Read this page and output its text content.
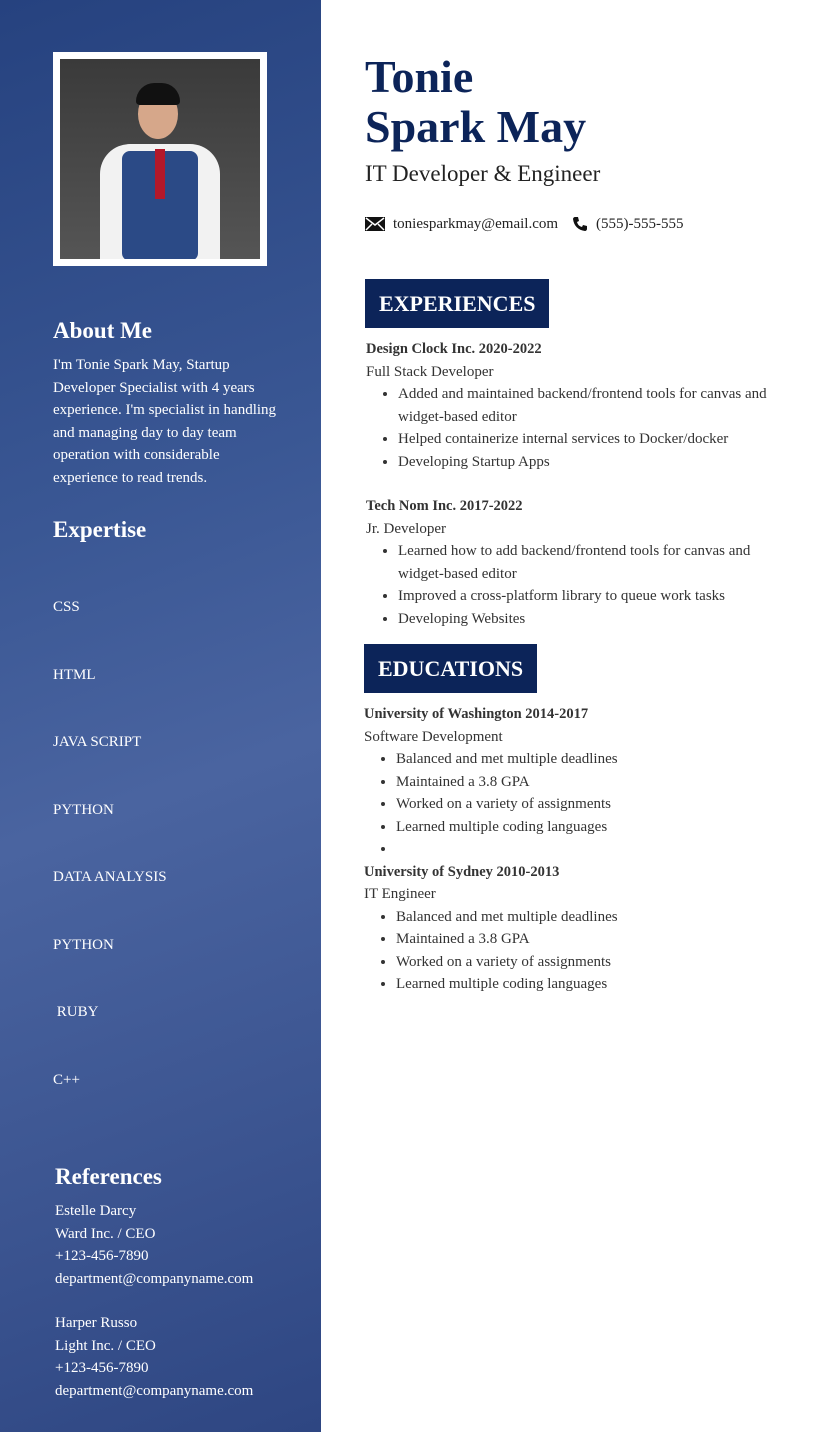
About Me
I'm Tonie Spark May, Startup Developer Specialist with 4 years experience. I'm specialist in handling and managing day to day team operation with considerable experience to read trends.
Expertise

CSS

HTML

JAVA SCRIPT

PYTHON

DATA ANALYSIS

PYTHON

RUBY

C++

References
Estelle Darcy
Ward Inc. / CEO
+123-456-7890
department@companyname.com
Harper Russo
Light Inc. / CEO
+123-456-7890
department@companyname.com
Tonie
Spark May
IT Developer & Engineer
toniesparkmay@email.com	(555)-555-555
EXPERIENCES
Design Clock Inc. 2020-2022
Full Stack Developer
• Added and maintained backend/frontend tools for canvas and widget-based editor
• Helped containerize internal services to Docker/docker
• Developing Startup Apps
Tech Nom Inc. 2017-2022
Jr. Developer
• Learned how to add backend/frontend tools for canvas and widget-based editor
• Improved a cross-platform library to queue work tasks
• Developing Websites
EDUCATIONS
University of Washington 2014-2017
Software Development
• Balanced and met multiple deadlines
• Maintained a 3.8 GPA
• Worked on a variety of assignments
• Learned multiple coding languages
•
University of Sydney 2010-2013
IT Engineer
• Balanced and met multiple deadlines
• Maintained a 3.8 GPA
• Worked on a variety of assignments
• Learned multiple coding languages
